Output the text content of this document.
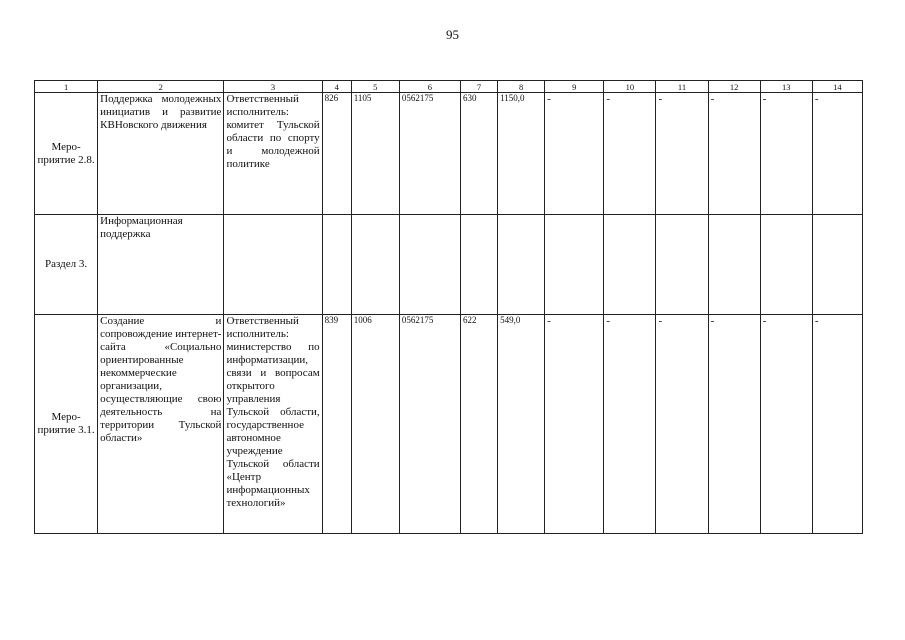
95
1	2	3	4	5	6	7	8	9	10	11	12	13	14
Меро-приятие 2.8.	Поддержка молодежных инициатив и развитие КВНовского движения	Ответственный исполнитель: комитет Тульской области по спорту и молодежной политике	826	1105	0562175	630	1150,0	-	-	-	-	-	-
Раздел 3.	Информационная поддержка												
Меро-приятие 3.1.	Создание и сопровождение интернет-сайта «Социально ориентированные некоммерческие организации, осуществляющие свою деятельность на территории Тульской области»	Ответственный исполнитель: министерство по информатизации, связи и вопросам открытого управления Тульской области, государственное автономное учреждение Тульской области «Центр информационных технологий»	839	1006	0562175	622	549,0	-	-	-	-	-	-
